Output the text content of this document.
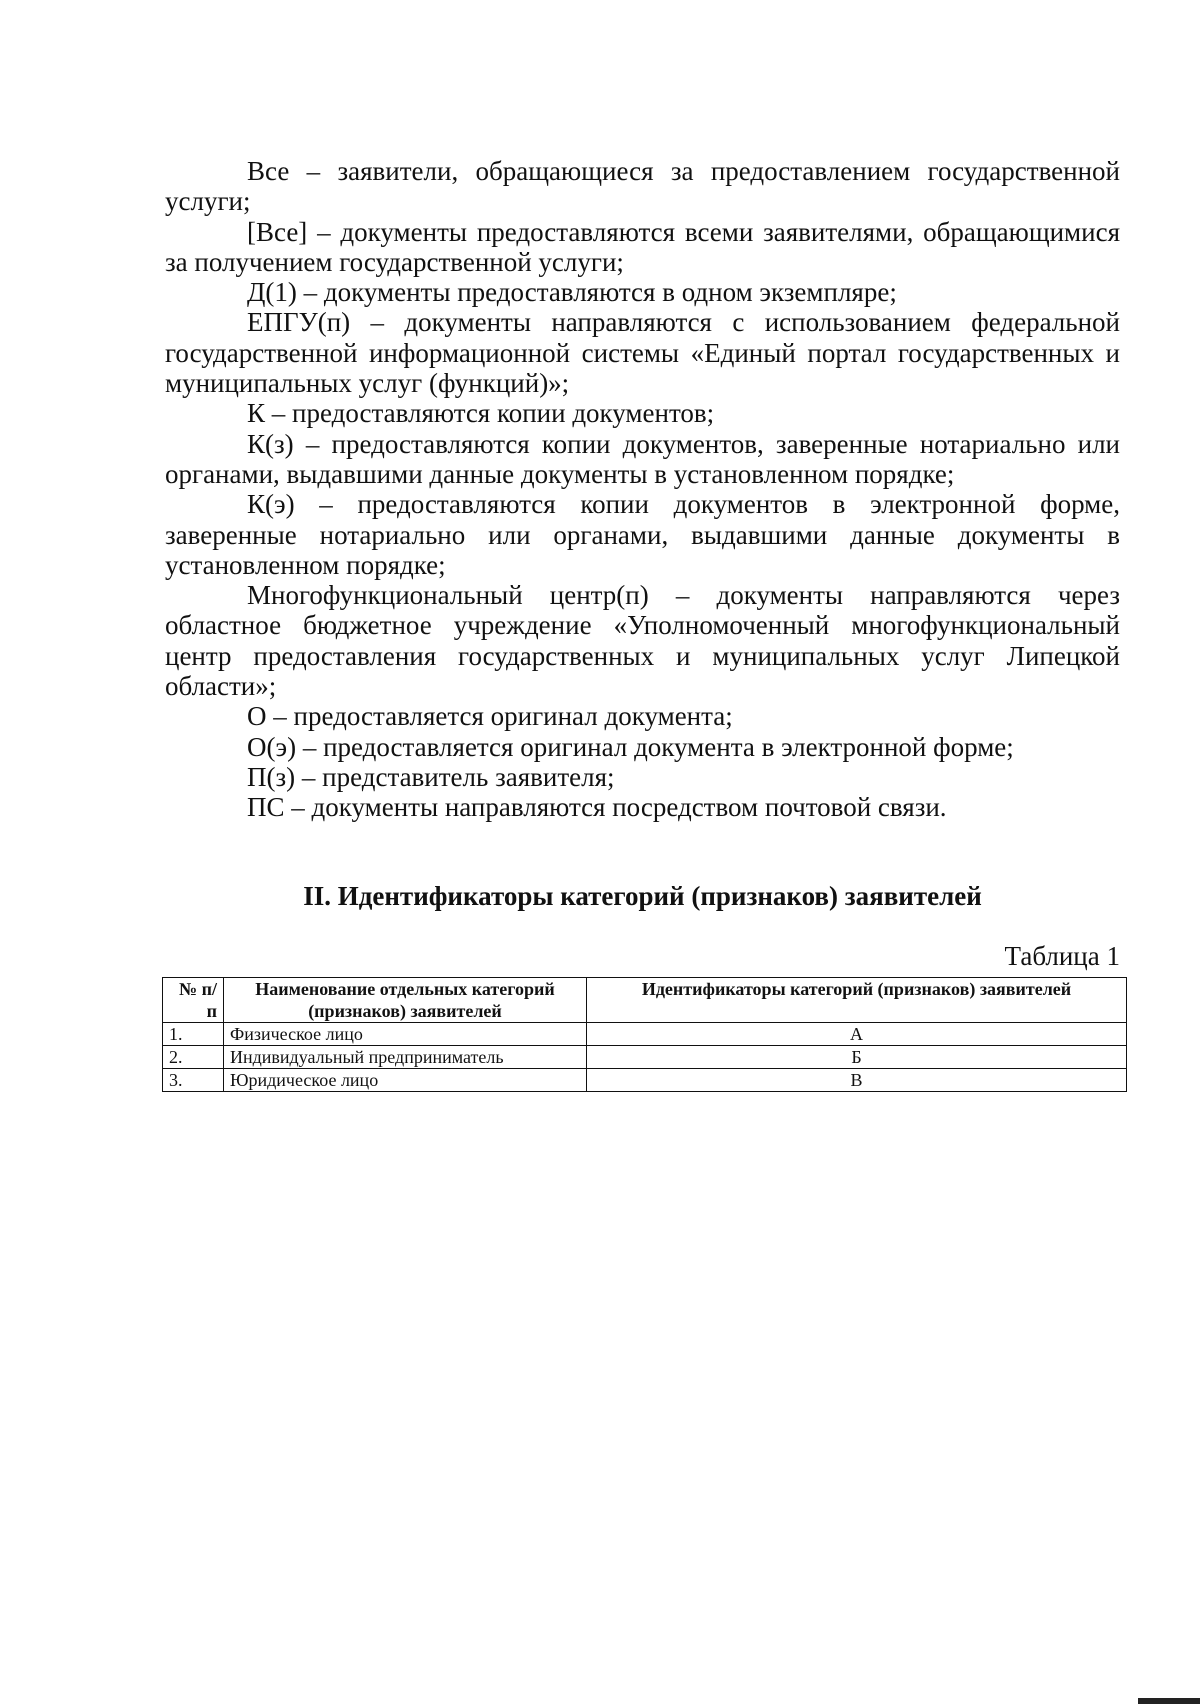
Все – заявители, обращающиеся за предоставлением государственной услуги;

[Все] – документы предоставляются всеми заявителями, обращающимися за получением государственной услуги;

Д(1) – документы предоставляются в одном экземпляре;

ЕПГУ(п) – документы направляются с использованием федеральной государственной информационной системы «Единый портал государственных и муниципальных услуг (функций)»;

К – предоставляются копии документов;

К(з) – предоставляются копии документов, заверенные нотариально или органами, выдавшими данные документы в установленном порядке;

К(э) – предоставляются копии документов в электронной форме, заверенные нотариально или органами, выдавшими данные документы в установленном порядке;

Многофункциональный центр(п) – документы направляются через областное бюджетное учреждение «Уполномоченный многофункциональный центр предоставления государственных и муниципальных услуг Липецкой области»;

О – предоставляется оригинал документа;

О(э) – предоставляется оригинал документа в электронной форме;

П(з) – представитель заявителя;

ПС – документы направляются посредством почтовой связи.

II. Идентификаторы категорий (признаков) заявителей
Таблица 1
№ п/п	Наименование отдельных категорий (признаков) заявителей	Идентификаторы категорий (признаков) заявителей
1.	Физическое лицо	А
2.	Индивидуальный предприниматель	Б
3.	Юридическое лицо	В
